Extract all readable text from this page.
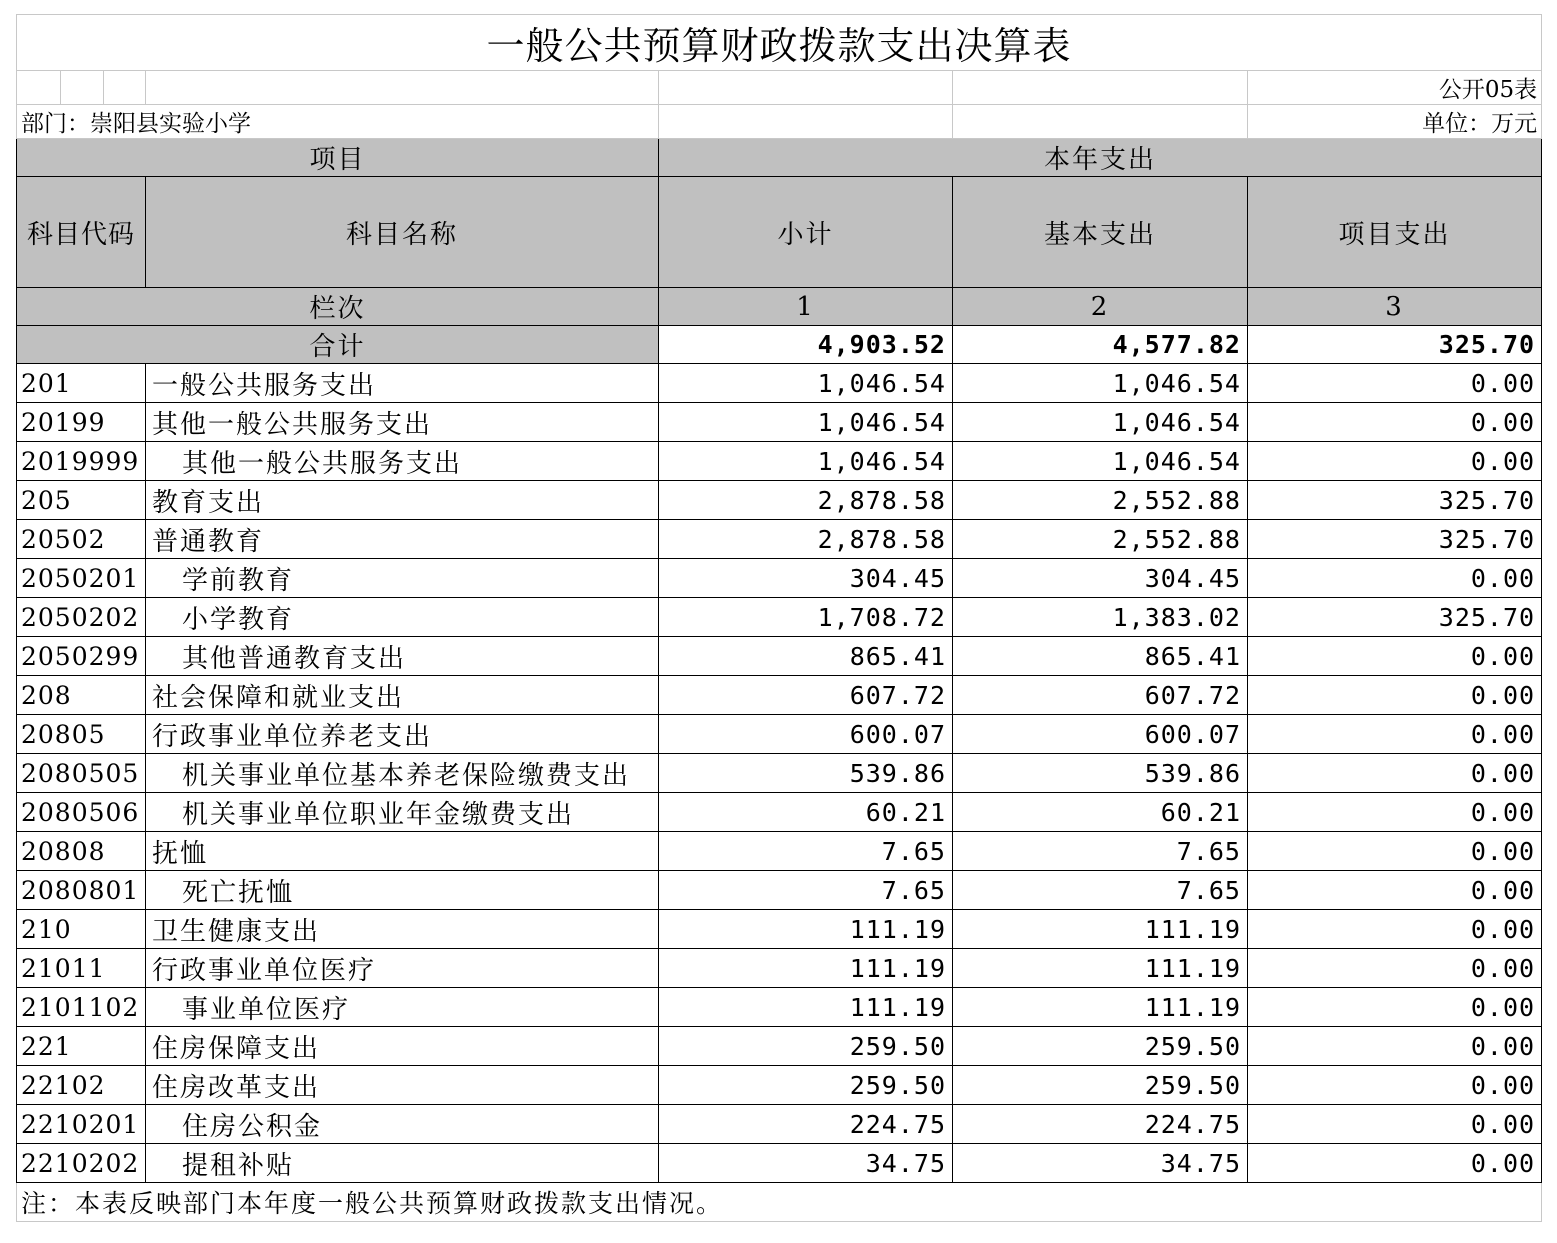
一般公共预算财政拨款支出决算表						
						公开05表
部门：崇阳县实验小学						单位：万元
项目				本年支出		
科目代码			科目名称	小计	基本支出	项目支出
栏次				1	2	3
合计				4,903.52	4,577.82	325.70
201			一般公共服务支出	1,046.54	1,046.54	0.00
20199			其他一般公共服务支出	1,046.54	1,046.54	0.00
2019999			其他一般公共服务支出	1,046.54	1,046.54	0.00
205			教育支出	2,878.58	2,552.88	325.70
20502			普通教育	2,878.58	2,552.88	325.70
2050201			学前教育	304.45	304.45	0.00
2050202			小学教育	1,708.72	1,383.02	325.70
2050299			其他普通教育支出	865.41	865.41	0.00
208			社会保障和就业支出	607.72	607.72	0.00
20805			行政事业单位养老支出	600.07	600.07	0.00
2080505			机关事业单位基本养老保险缴费支出	539.86	539.86	0.00
2080506			机关事业单位职业年金缴费支出	60.21	60.21	0.00
20808			抚恤	7.65	7.65	0.00
2080801			死亡抚恤	7.65	7.65	0.00
210			卫生健康支出	111.19	111.19	0.00
21011			行政事业单位医疗	111.19	111.19	0.00
2101102			事业单位医疗	111.19	111.19	0.00
221			住房保障支出	259.50	259.50	0.00
22102			住房改革支出	259.50	259.50	0.00
2210201			住房公积金	224.75	224.75	0.00
2210202			提租补贴	34.75	34.75	0.00
注：本表反映部门本年度一般公共预算财政拨款支出情况。						
